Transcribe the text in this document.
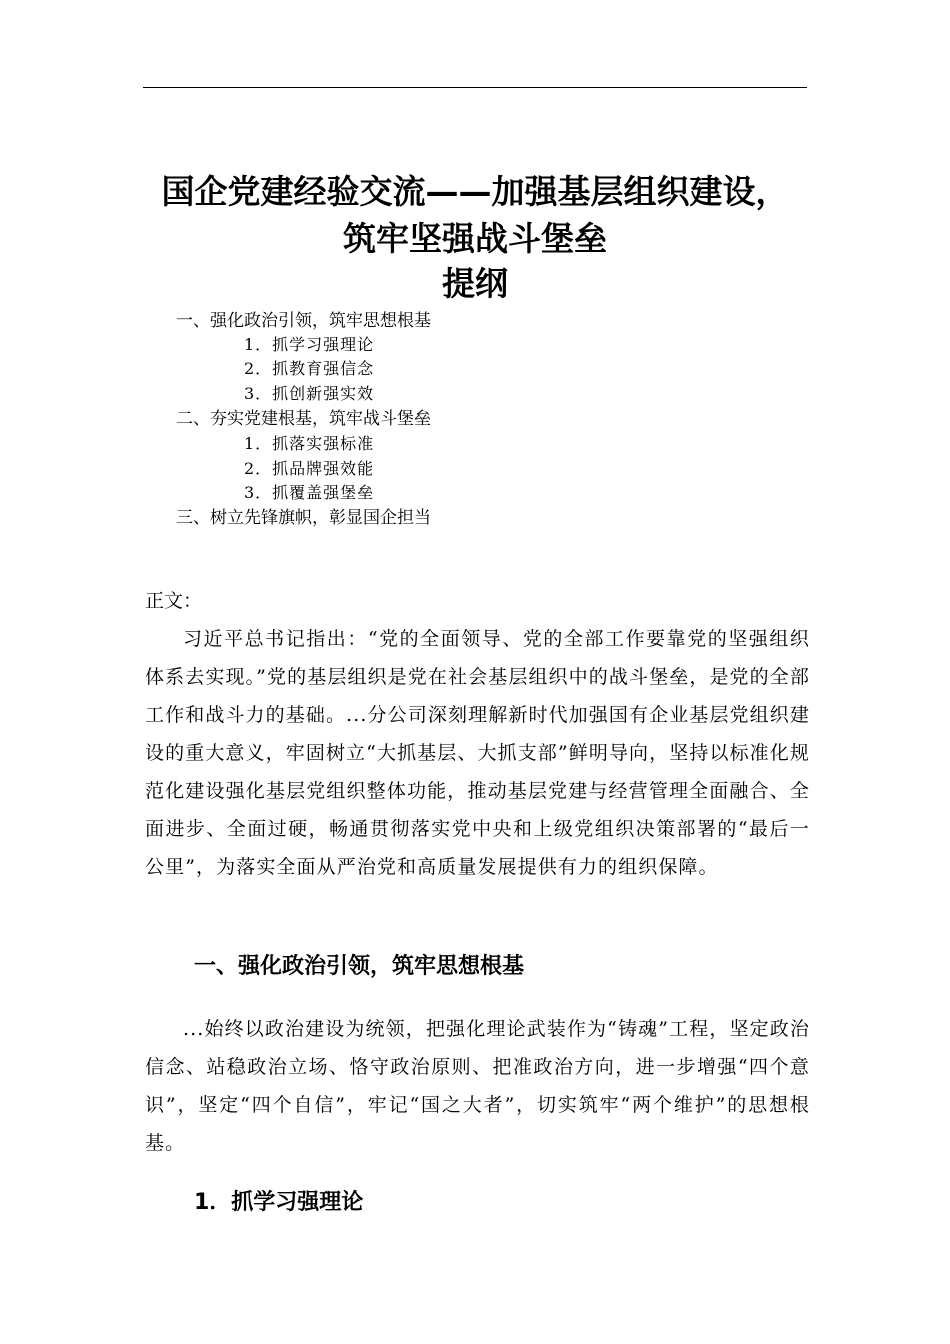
国企党建经验交流——加强基层组织建设，
筑牢坚强战斗堡垒
提纲
一、强化政治引领，筑牢思想根基
1．抓学习强理论
2．抓教育强信念
3．抓创新强实效
二、夯实党建根基，筑牢战斗堡垒
1．抓落实强标准
2．抓品牌强效能
3．抓覆盖强堡垒
三、树立先锋旗帜，彰显国企担当
正文：

习近平总书记指出：“党的全面领导、党的全部工作要靠党的坚强组织体系去实现。”党的基层组织是党在社会基层组织中的战斗堡垒，是党的全部工作和战斗力的基础。...分公司深刻理解新时代加强国有企业基层党组织建设的重大意义，牢固树立“大抓基层、大抓支部”鲜明导向，坚持以标准化规范化建设强化基层党组织整体功能，推动基层党建与经营管理全面融合、全面进步、全面过硬，畅通贯彻落实党中央和上级党组织决策部署的“最后一公里”，为落实全面从严治党和高质量发展提供有力的组织保障。

一、强化政治引领，筑牢思想根基

...始终以政治建设为统领，把强化理论武装作为“铸魂”工程，坚定政治信念、站稳政治立场、恪守政治原则、把准政治方向，进一步增强“四个意识”，坚定“四个自信”，牢记“国之大者”，切实筑牢“两个维护”的思想根基。

1．抓学习强理论
